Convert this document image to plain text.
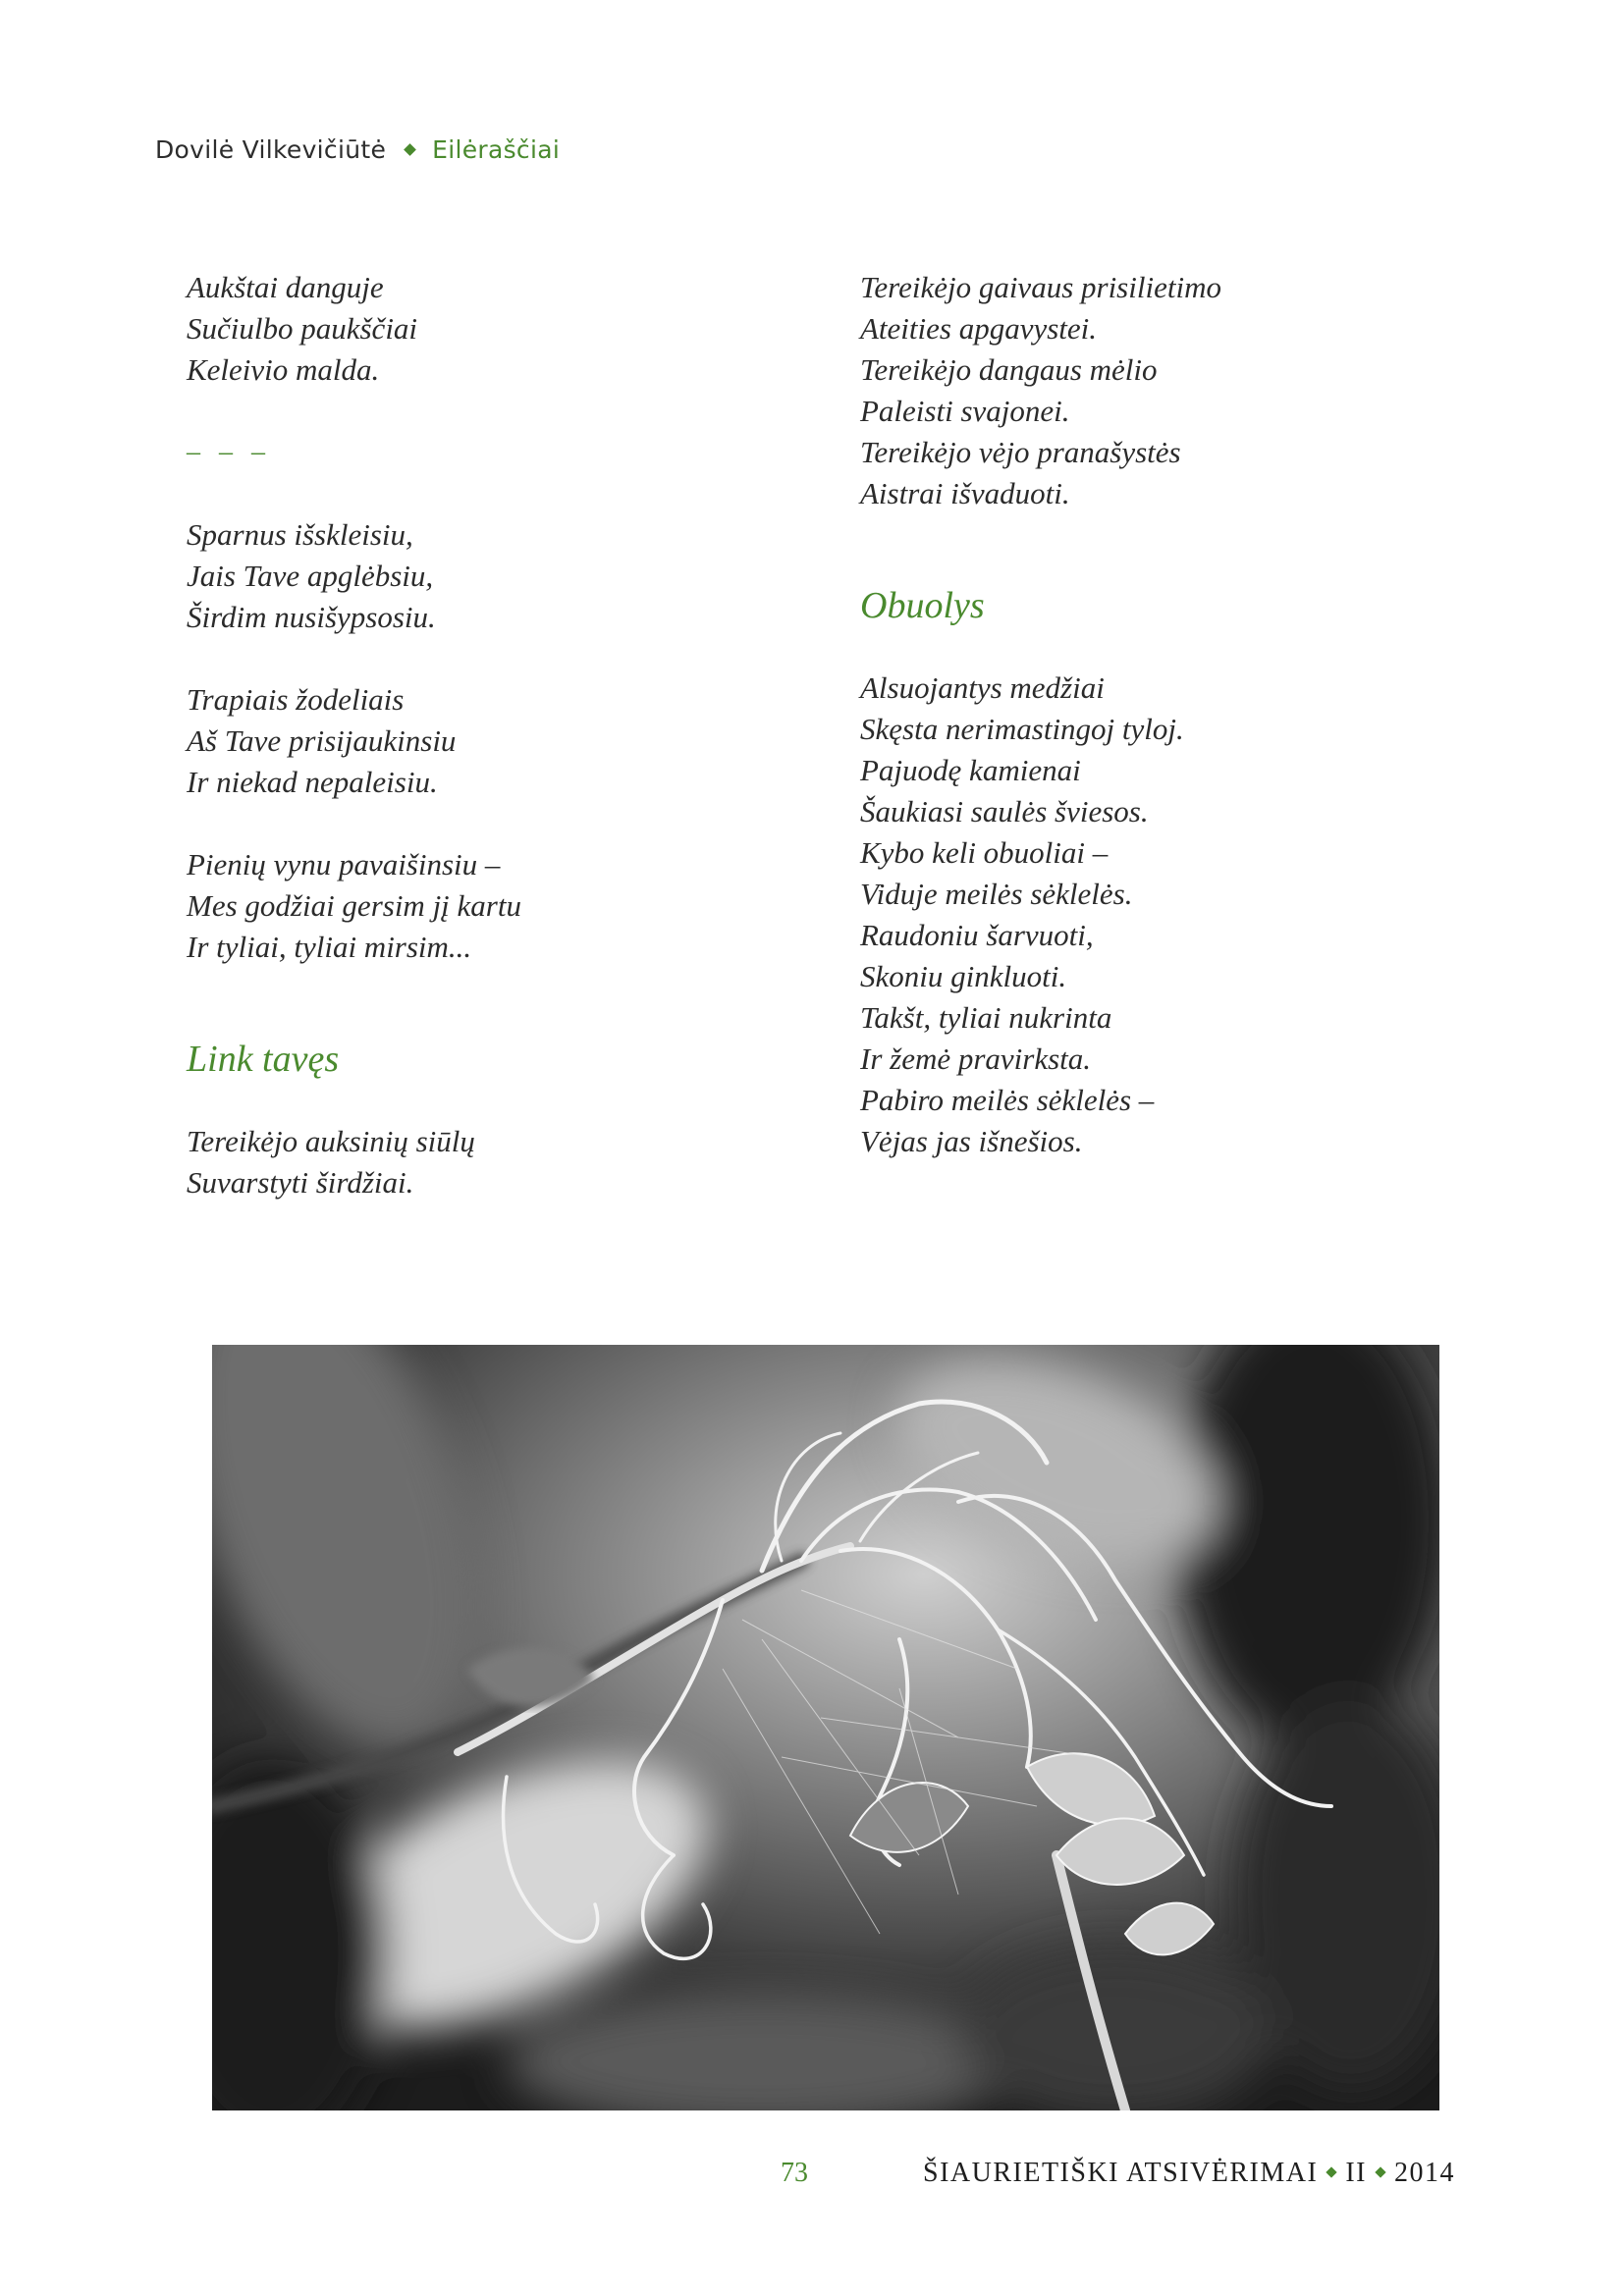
Dovilė Vilkevičiūtė Eilėraščiai
Aukštai danguje
Sučiulbo paukščiai
Keleivio malda.
– – –
Sparnus išskleisiu,
Jais Tave apglėbsiu,
Širdim nusišypsosiu.
Trapiais žodeliais
Aš Tave prisijaukinsiu
Ir niekad nepaleisiu.
Pienių vynu pavaišinsiu –
Mes godžiai gersim jį kartu
Ir tyliai, tyliai mirsim...
Link tavęs
Tereikėjo auksinių siūlų
Suvarstyti širdžiai.
Tereikėjo gaivaus prisilietimo
Ateities apgavystei.
Tereikėjo dangaus mėlio
Paleisti svajonei.
Tereikėjo vėjo pranašystės
Aistrai išvaduoti.
Obuolys
Alsuojantys medžiai
Skęsta nerimastingoj tyloj.
Pajuodę kamienai
Šaukiasi saulės šviesos.
Kybo keli obuoliai –
Viduje meilės sėklelės.
Raudoniu šarvuoti,
Skoniu ginkluoti.
Takšt, tyliai nukrinta
Ir žemė pravirksta.
Pabiro meilės sėklelės –
Vėjas jas išnešios.
73	ŠIAURIETIŠKI ATSIVĖRIMAI II 2014
